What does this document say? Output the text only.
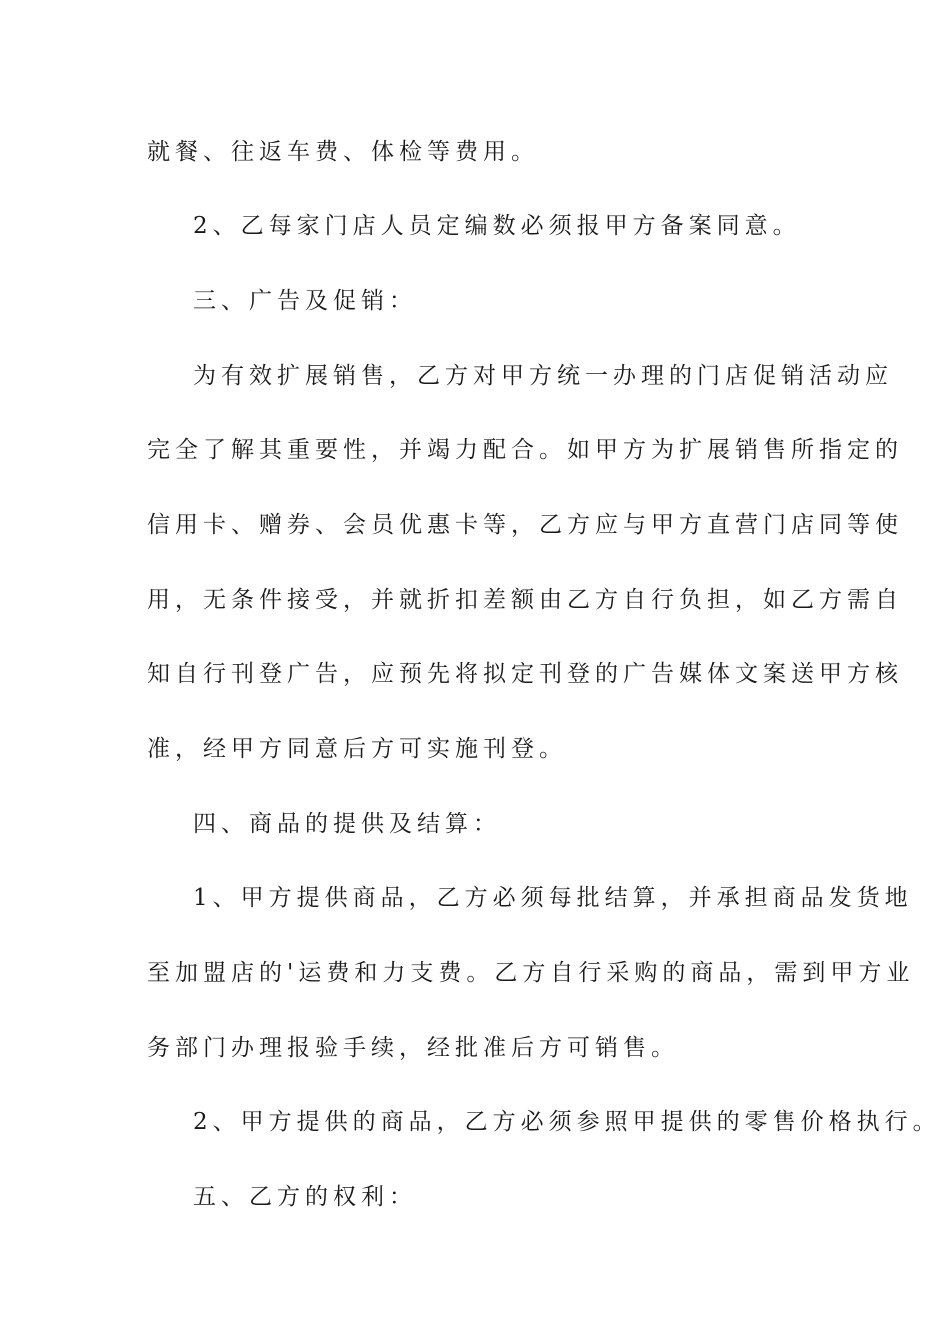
就餐、往返车费、体检等费用。
2、乙每家门店人员定编数必须报甲方备案同意。
三、广告及促销：
为有效扩展销售，乙方对甲方统一办理的门店促销活动应
完全了解其重要性，并竭力配合。如甲方为扩展销售所指定的
信用卡、赠券、会员优惠卡等，乙方应与甲方直营门店同等使
用，无条件接受，并就折扣差额由乙方自行负担，如乙方需自
知自行刊登广告，应预先将拟定刊登的广告媒体文案送甲方核
准，经甲方同意后方可实施刊登。
四、商品的提供及结算：
1、甲方提供商品，乙方必须每批结算，并承担商品发货地
至加盟店的'运费和力支费。乙方自行采购的商品，需到甲方业
务部门办理报验手续，经批准后方可销售。
2、甲方提供的商品，乙方必须参照甲提供的零售价格执行。
五、乙方的权利：
